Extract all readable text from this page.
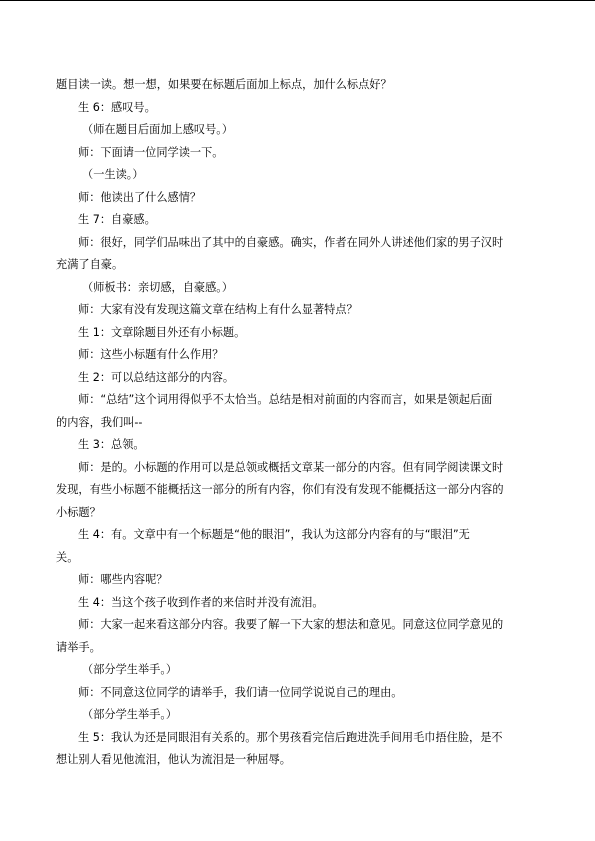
题目读一读。想一想，如果要在标题后面加上标点，加什么标点好？
生 6：感叹号。
（师在题目后面加上感叹号。）
师：下面请一位同学读一下。
（一生读。）
师：他读出了什么感情？
生 7：自豪感。
师：很好，同学们品味出了其中的自豪感。确实，作者在同外人讲述他们家的男子汉时
充满了自豪。
（师板书：亲切感，自豪感。）
师：大家有没有发现这篇文章在结构上有什么显著特点？
生 1：文章除题目外还有小标题。
师：这些小标题有什么作用？
生 2：可以总结这部分的内容。
师：“总结”这个词用得似乎不太恰当。总结是相对前面的内容而言，如果是领起后面
的内容，我们叫--
生 3：总领。
师：是的。小标题的作用可以是总领或概括文章某一部分的内容。但有同学阅读课文时
发现，有些小标题不能概括这一部分的所有内容，你们有没有发现不能概括这一部分内容的
小标题？
生 4：有。文章中有一个标题是“他的眼泪”，我认为这部分内容有的与“眼泪”无
关。
师：哪些内容呢？
生 4：当这个孩子收到作者的来信时并没有流泪。
师：大家一起来看这部分内容。我要了解一下大家的想法和意见。同意这位同学意见的
请举手。
（部分学生举手。）
师：不同意这位同学的请举手，我们请一位同学说说自己的理由。
（部分学生举手。）
生 5：我认为还是同眼泪有关系的。那个男孩看完信后跑进洗手间用毛巾捂住脸，是不
想让别人看见他流泪，他认为流泪是一种屈辱。
